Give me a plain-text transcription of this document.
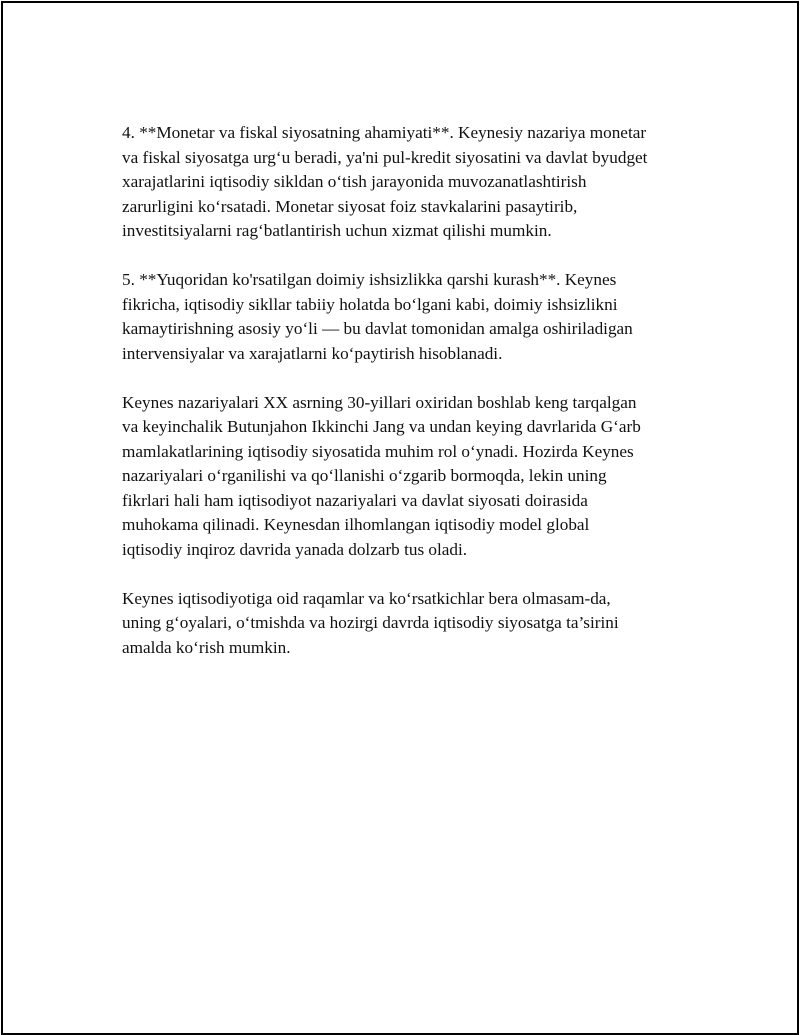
4. **Monetar va fiskal siyosatning ahamiyati**. Keynesiy nazariya monetar
va fiskal siyosatga urg‘u beradi, ya'ni pul-kredit siyosatini va davlat byudget
xarajatlarini iqtisodiy sikldan o‘tish jarayonida muvozanatlashtirish
zarurligini ko‘rsatadi. Monetar siyosat foiz stavkalarini pasaytirib,
investitsiyalarni rag‘batlantirish uchun xizmat qilishi mumkin.

5. **Yuqoridan ko'rsatilgan doimiy ishsizlikka qarshi kurash**. Keynes
fikricha, iqtisodiy sikllar tabiiy holatda bo‘lgani kabi, doimiy ishsizlikni
kamaytirishning asosiy yo‘li — bu davlat tomonidan amalga oshiriladigan
intervensiyalar va xarajatlarni ko‘paytirish hisoblanadi.

Keynes nazariyalari XX asrning 30-yillari oxiridan boshlab keng tarqalgan
va keyinchalik Butunjahon Ikkinchi Jang va undan keying davrlarida G‘arb
mamlakatlarining iqtisodiy siyosatida muhim rol o‘ynadi. Hozirda Keynes
nazariyalari o‘rganilishi va qo‘llanishi o‘zgarib bormoqda, lekin uning
fikrlari hali ham iqtisodiyot nazariyalari va davlat siyosati doirasida
muhokama qilinadi. Keynesdan ilhomlangan iqtisodiy model global
iqtisodiy inqiroz davrida yanada dolzarb tus oladi.

Keynes iqtisodiyotiga oid raqamlar va ko‘rsatkichlar bera olmasam-da,
uning g‘oyalari, o‘tmishda va hozirgi davrda iqtisodiy siyosatga ta’sirini
amalda ko‘rish mumkin.
